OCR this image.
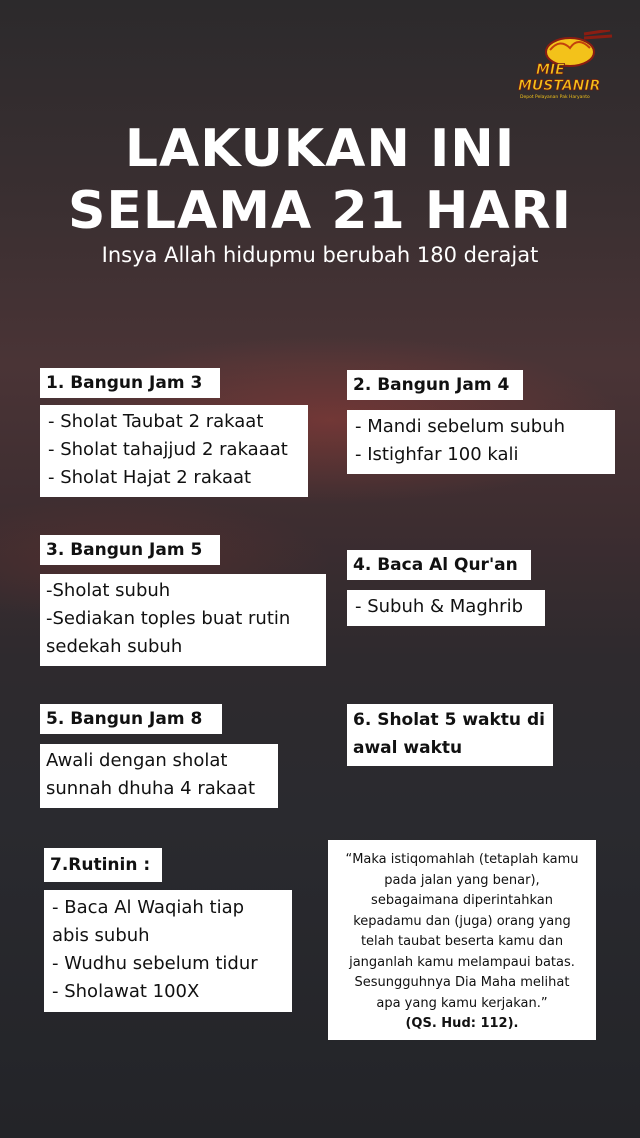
MIE
MUSTANIR
Depot Pelayanan Pak Haryanto
LAKUKAN INI
SELAMA 21 HARI
Insya Allah hidupmu berubah 180 derajat
1. Bangun Jam 3
- Sholat Taubat 2 rakaat
- Sholat tahajjud 2 rakaaat
- Sholat Hajat 2 rakaat
2. Bangun Jam 4
- Mandi sebelum subuh
- Istighfar 100 kali
3. Bangun Jam 5
-Sholat subuh
-Sediakan toples buat rutin
sedekah subuh
4. Baca Al Qur'an
- Subuh & Maghrib
5. Bangun Jam 8
Awali dengan sholat
sunnah dhuha 4 rakaat
6. Sholat 5 waktu di
awal waktu
7.Rutinin :
- Baca Al Waqiah tiap
abis subuh
- Wudhu sebelum tidur
- Sholawat 100X
“Maka istiqomahlah (tetaplah kamu
pada jalan yang benar),
sebagaimana diperintahkan
kepadamu dan (juga) orang yang
telah taubat beserta kamu dan
janganlah kamu melampaui batas.
Sesungguhnya Dia Maha melihat
apa yang kamu kerjakan.”
(QS. Hud: 112).
